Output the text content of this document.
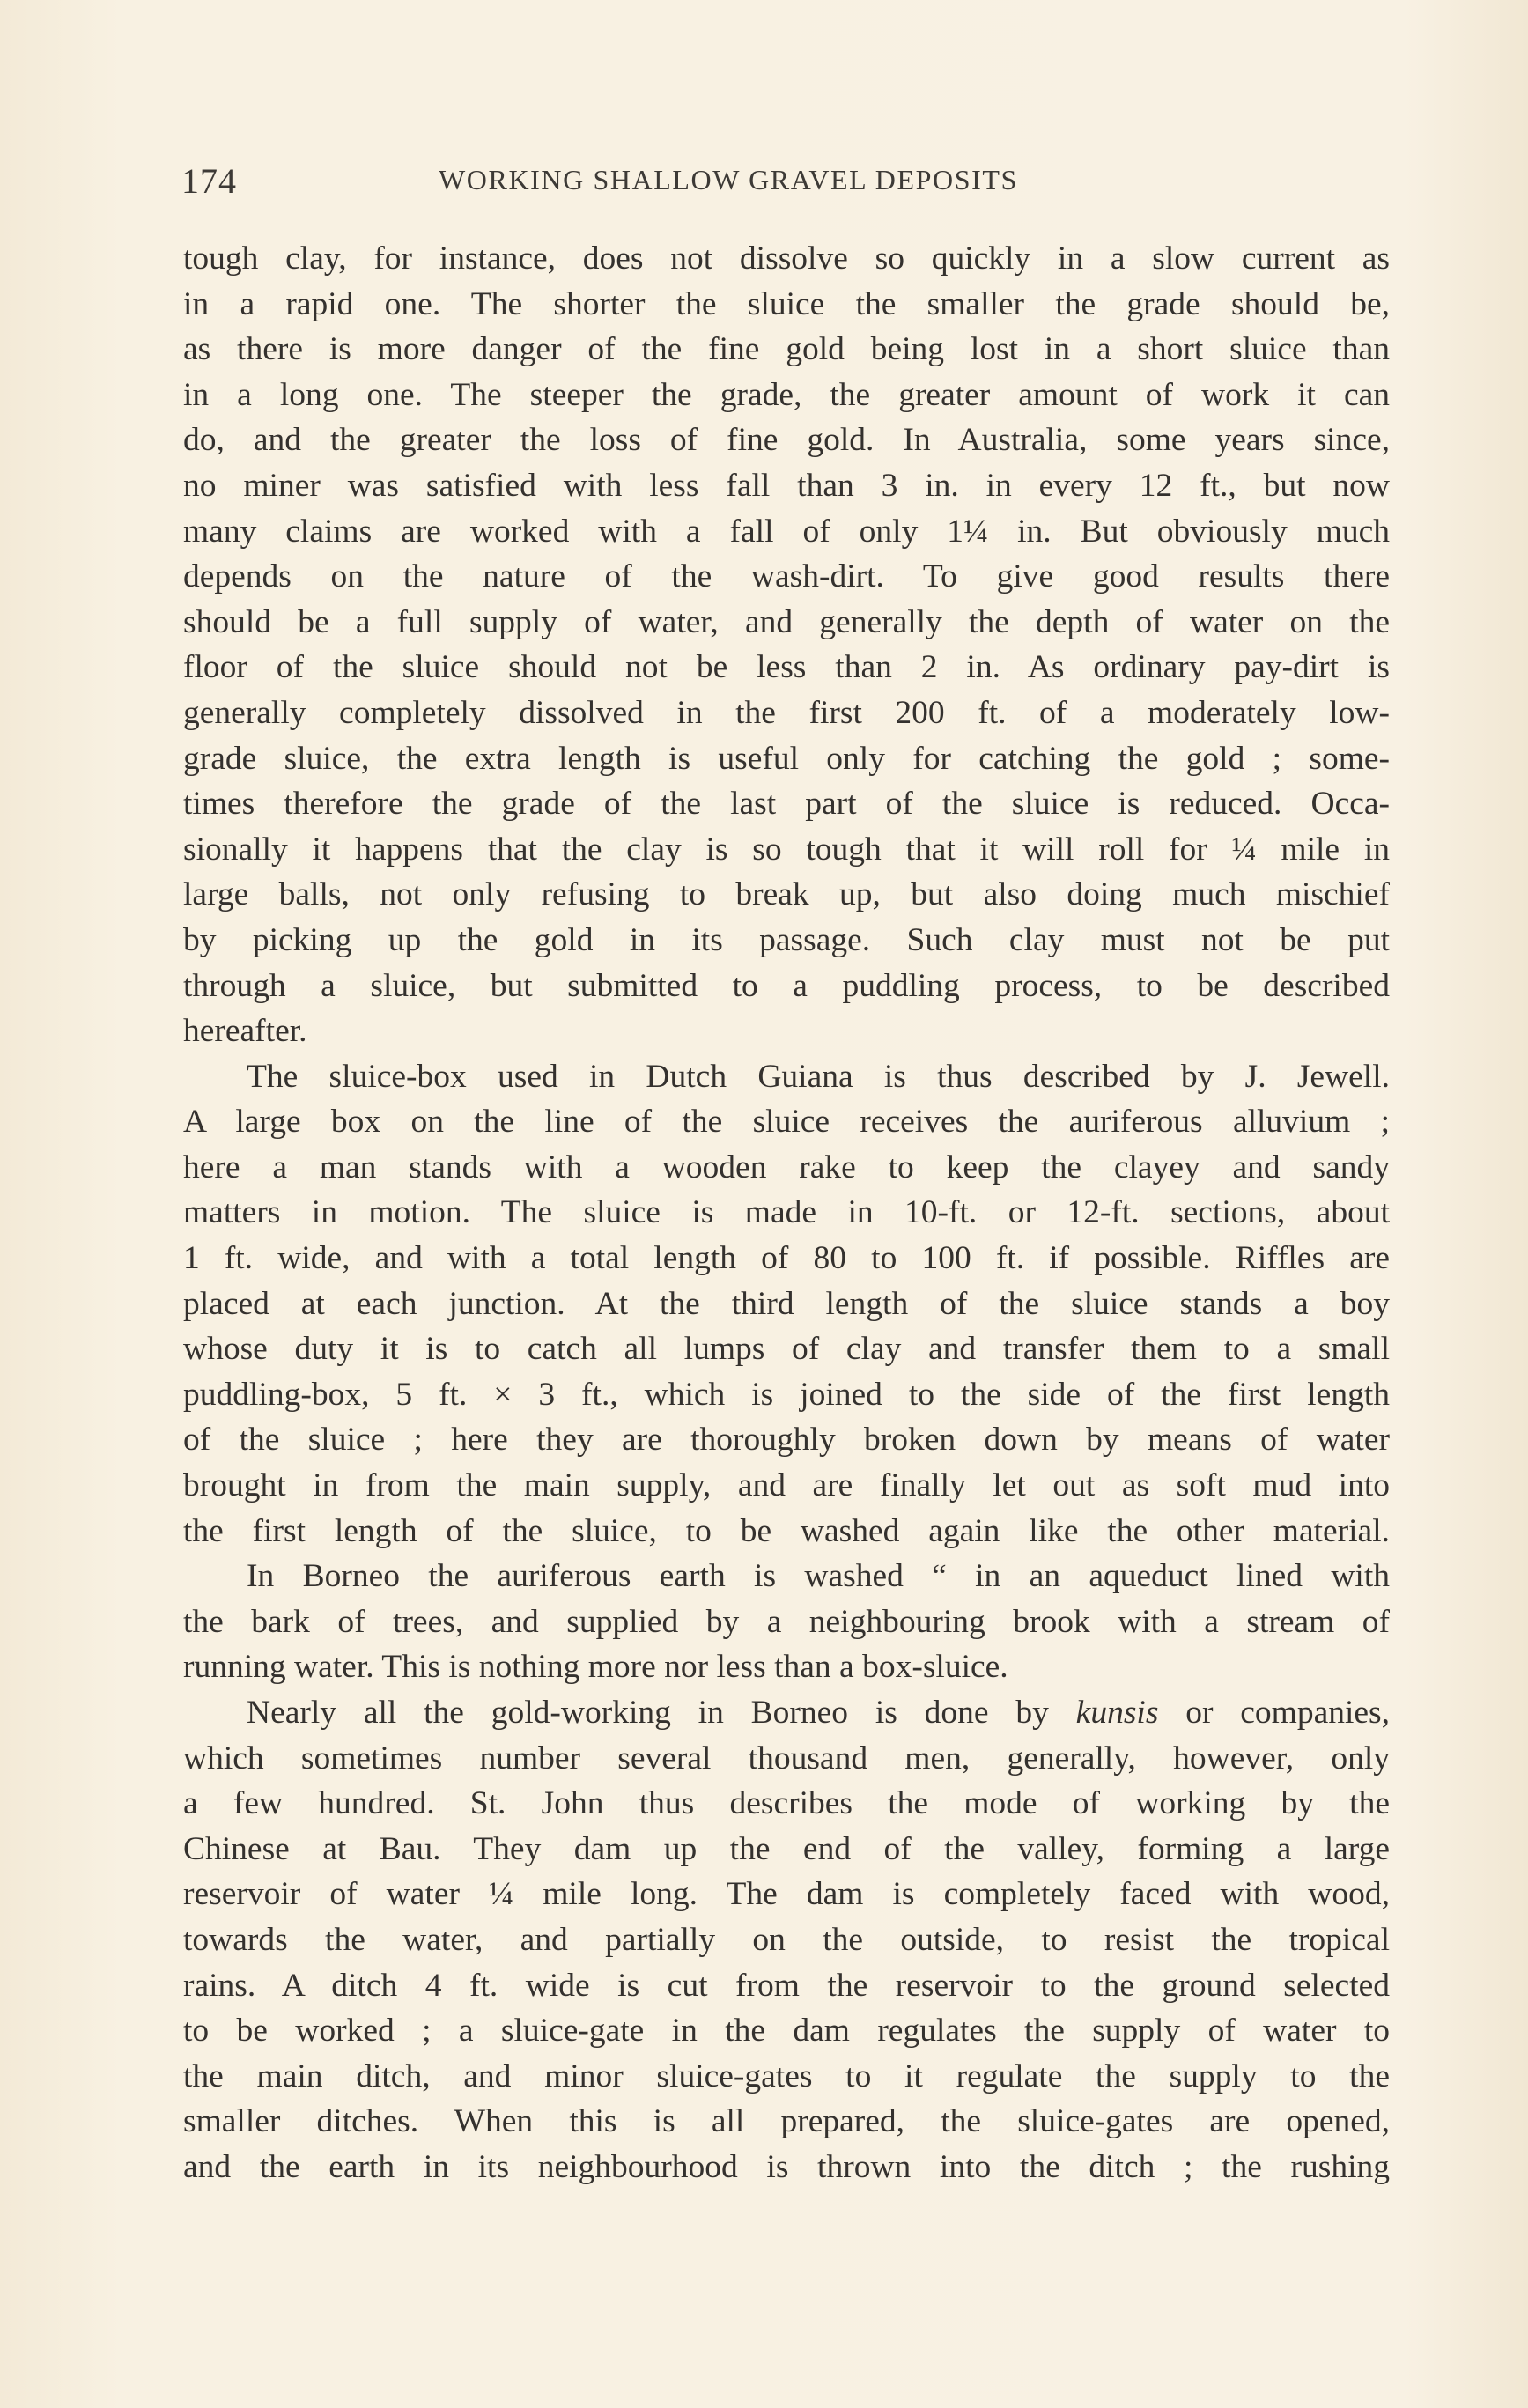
174	WORKING SHALLOW GRAVEL DEPOSITS
tough clay, for instance, does not dissolve so quickly in a slow current as
in a rapid one. The shorter the sluice the smaller the grade should be,
as there is more danger of the fine gold being lost in a short sluice than
in a long one. The steeper the grade, the greater amount of work it can
do, and the greater the loss of fine gold. In Australia, some years since,
no miner was satisfied with less fall than 3 in. in every 12 ft., but now
many claims are worked with a fall of only 1¼ in. But obviously much
depends on the nature of the wash-dirt. To give good results there
should be a full supply of water, and generally the depth of water on the
floor of the sluice should not be less than 2 in. As ordinary pay-dirt is
generally completely dissolved in the first 200 ft. of a moderately low-
grade sluice, the extra length is useful only for catching the gold ; some-
times therefore the grade of the last part of the sluice is reduced. Occa-
sionally it happens that the clay is so tough that it will roll for ¼ mile in
large balls, not only refusing to break up, but also doing much mischief
by picking up the gold in its passage. Such clay must not be put
through a sluice, but submitted to a puddling process, to be described
hereafter.
The sluice-box used in Dutch Guiana is thus described by J. Jewell.
A large box on the line of the sluice receives the auriferous alluvium ;
here a man stands with a wooden rake to keep the clayey and sandy
matters in motion. The sluice is made in 10-ft. or 12-ft. sections, about
1 ft. wide, and with a total length of 80 to 100 ft. if possible. Riffles are
placed at each junction. At the third length of the sluice stands a boy
whose duty it is to catch all lumps of clay and transfer them to a small
puddling-box, 5 ft. × 3 ft., which is joined to the side of the first length
of the sluice ; here they are thoroughly broken down by means of water
brought in from the main supply, and are finally let out as soft mud into
the first length of the sluice, to be washed again like the other material.
In Borneo the auriferous earth is washed “ in an aqueduct lined with
the bark of trees, and supplied by a neighbouring brook with a stream of
running water. This is nothing more nor less than a box-sluice.
Nearly all the gold-working in Borneo is done by kunsis or companies,
which sometimes number several thousand men, generally, however, only
a few hundred. St. John thus describes the mode of working by the
Chinese at Bau. They dam up the end of the valley, forming a large
reservoir of water ¼ mile long. The dam is completely faced with wood,
towards the water, and partially on the outside, to resist the tropical
rains. A ditch 4 ft. wide is cut from the reservoir to the ground selected
to be worked ; a sluice-gate in the dam regulates the supply of water to
the main ditch, and minor sluice-gates to it regulate the supply to the
smaller ditches. When this is all prepared, the sluice-gates are opened,
and the earth in its neighbourhood is thrown into the ditch ; the rushing
